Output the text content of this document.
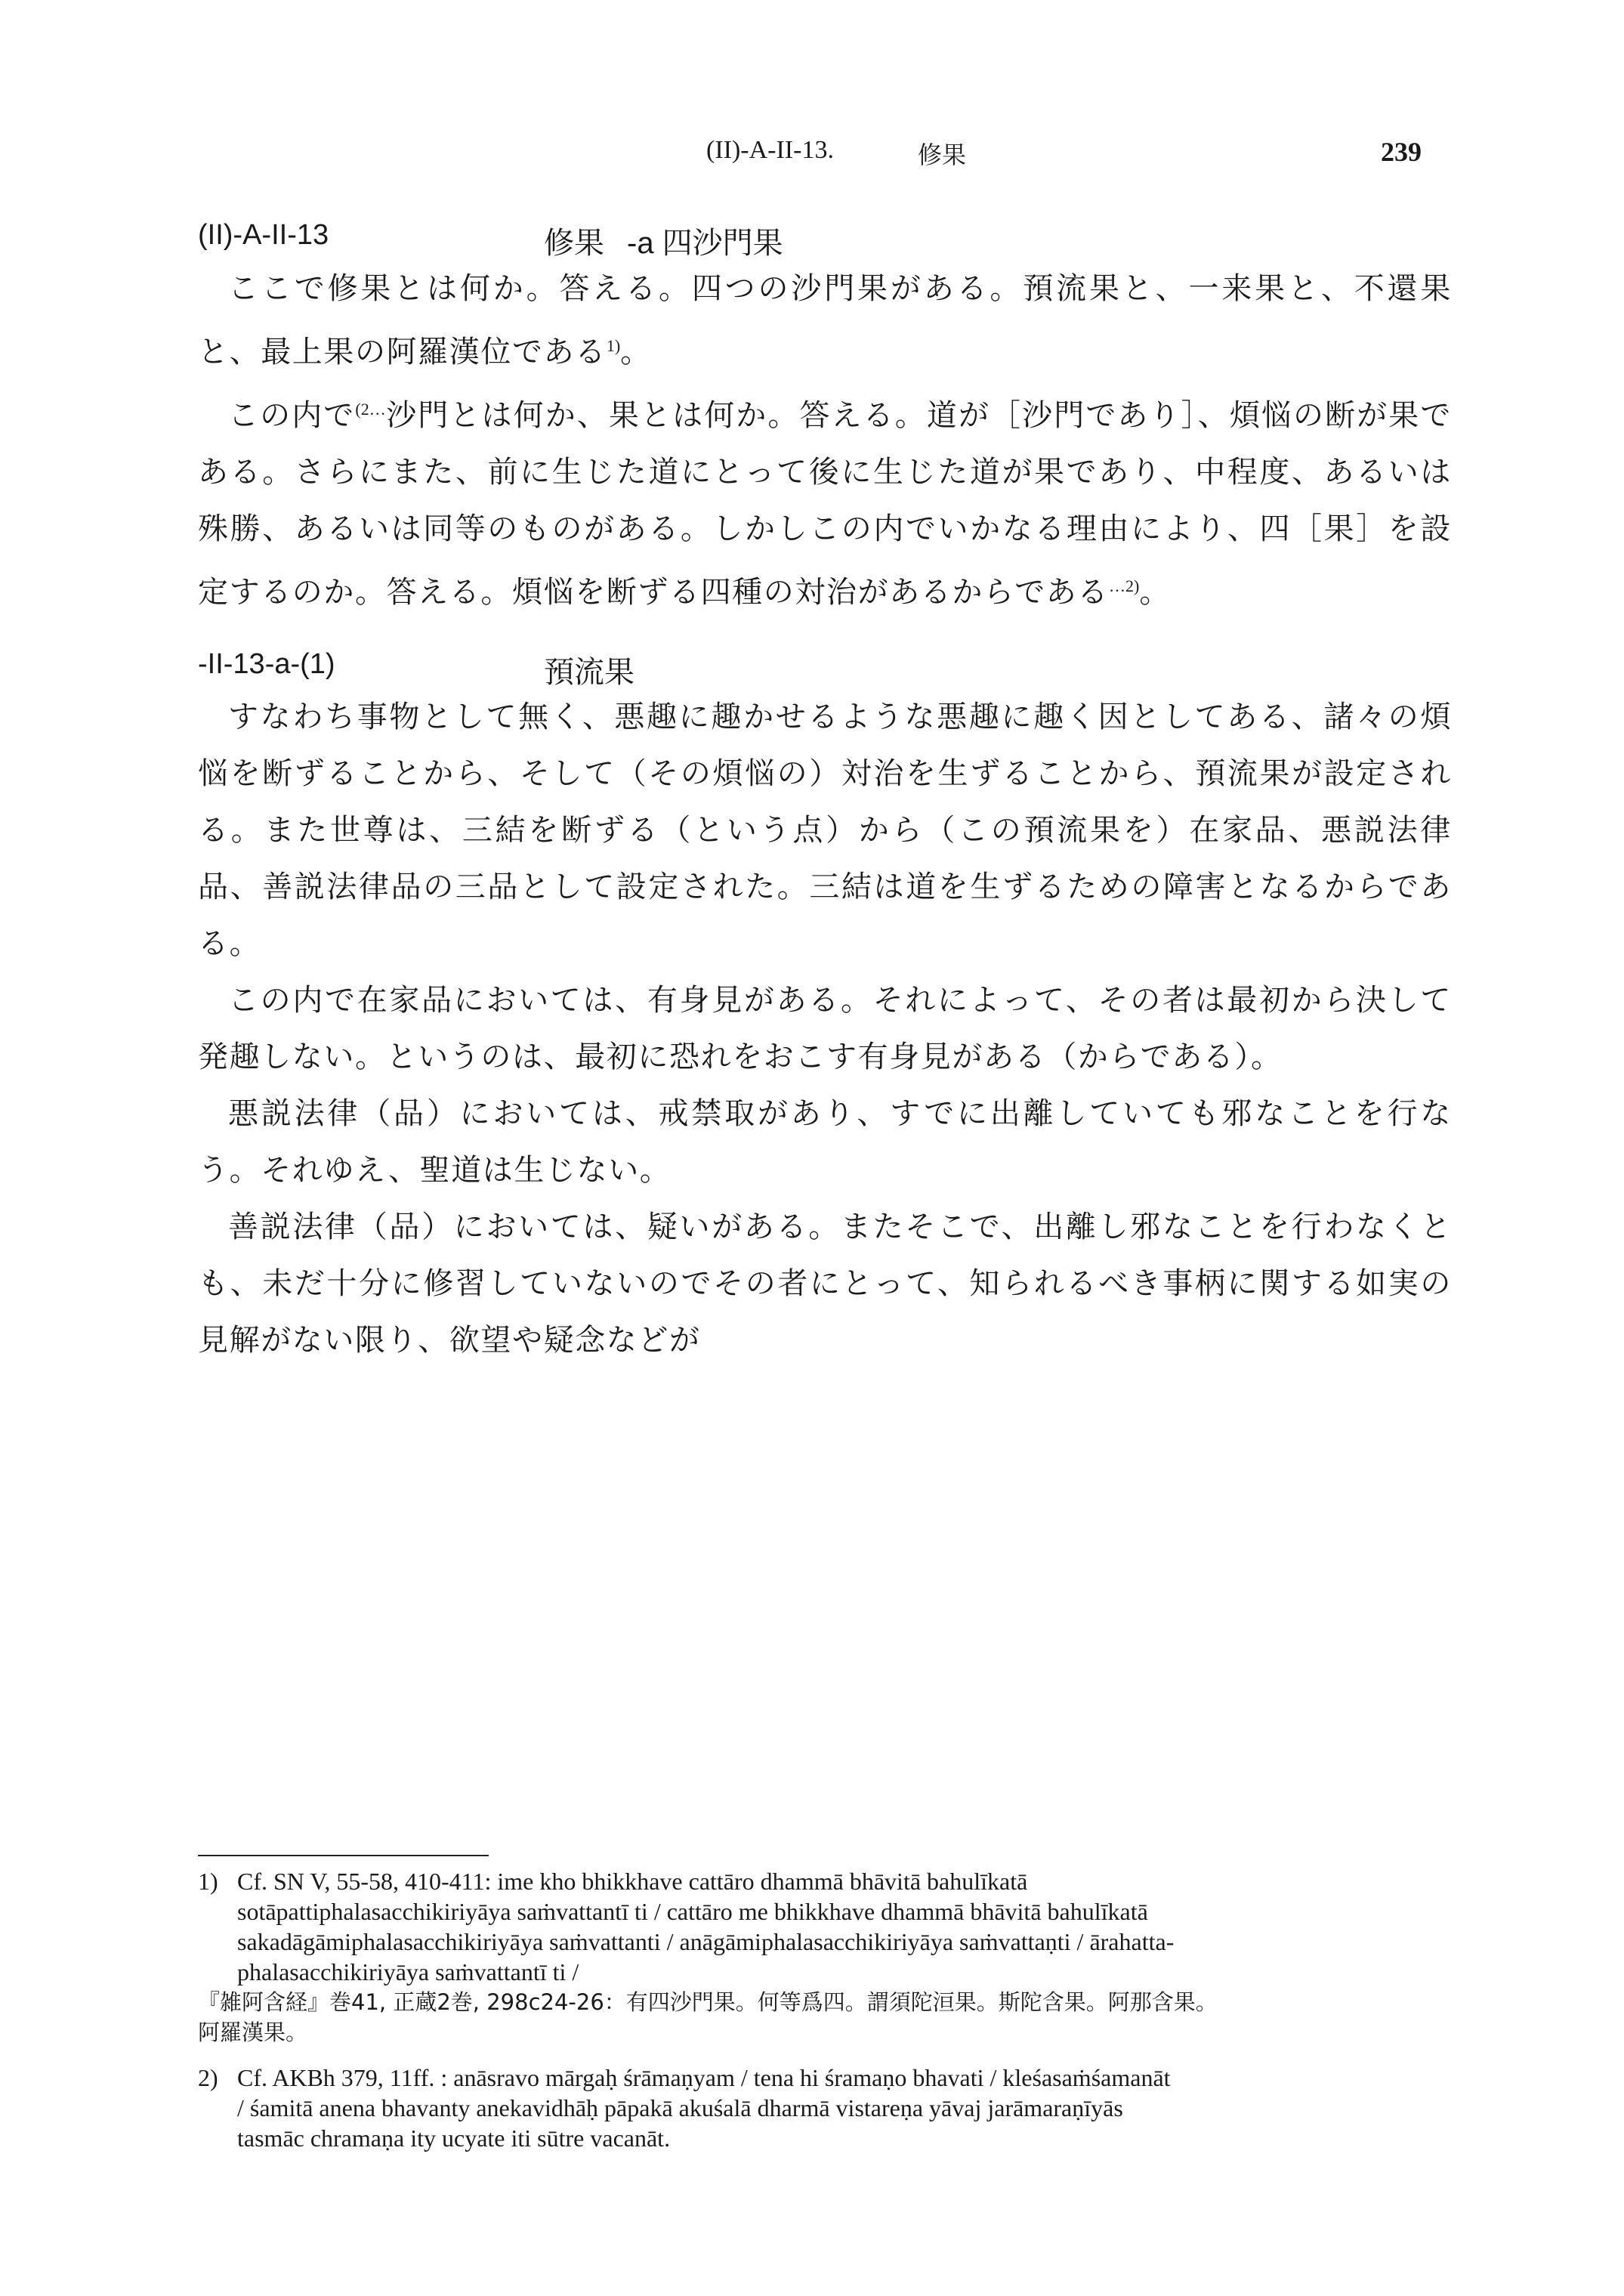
(II)-A-II-13.	修果	239
(II)-A-II-13	修果 -a 四沙門果

ここで修果とは何か。答える。四つの沙門果がある。預流果と、一来果と、不還果と、最上果の阿羅漢位である$^{1)}$。

この内で$^{(2\dots}$沙門とは何か、果とは何か。答える。道が［沙門であり］、煩悩の断が果である。さらにまた、前に生じた道にとって後に生じた道が果であり、中程度、あるいは殊勝、あるいは同等のものがある。しかしこの内でいかなる理由により、四［果］を設定するのか。答える。煩悩を断ずる四種の対治があるからである$^{\dots 2)}$。

-II-13-a-(1)	預流果

すなわち事物として無く、悪趣に趣かせるような悪趣に趣く因としてある、諸々の煩悩を断ずることから、そして（その煩悩の）対治を生ずることから、預流果が設定される。また世尊は、三結を断ずる（という点）から（この預流果を）在家品、悪説法律品、善説法律品の三品として設定された。三結は道を生ずるための障害となるからである。

この内で在家品においては、有身見がある。それによって、その者は最初から決して発趣しない。というのは、最初に恐れをおこす有身見がある（からである）。

悪説法律（品）においては、戒禁取があり、すでに出離していても邪なことを行なう。それゆえ、聖道は生じない。

善説法律（品）においては、疑いがある。またそこで、出離し邪なことを行わなくとも、未だ十分に修習していないのでその者にとって、知られるべき事柄に関する如実の見解がない限り、欲望や疑念などが

1) Cf. SN V, 55-58, 410-411: ime kho bhikkhave cattāro dhammā bhāvitā bahulīkatā
sotāpattiphalasacchikiriyāya saṁvattantī ti / cattāro me bhikkhave dhammā bhāvitā bahulīkatā
sakadāgāmiphalasacchikiriyāya saṁvattanti / anāgāmiphalasacchikiriyāya saṁvattaṇti / ārahatta-
phalasacchikiriyāya saṁvattantī ti /
『雑阿含経』巻41, 正蔵2巻, 298c24-26：有四沙門果。何等爲四。謂須陀洹果。斯陀含果。阿那含果。
阿羅漢果。
2) Cf. AKBh 379, 11ff. : anāsravo mārgaḥ śrāmaṇyam / tena hi śramaṇo bhavati / kleśasaṁśamanāt
/ śamitā anena bhavanty anekavidhāḥ pāpakā akuśalā dharmā vistareṇa yāvaj jarāmaraṇīyās
tasmāc chramaṇa ity ucyate iti sūtre vacanāt.
